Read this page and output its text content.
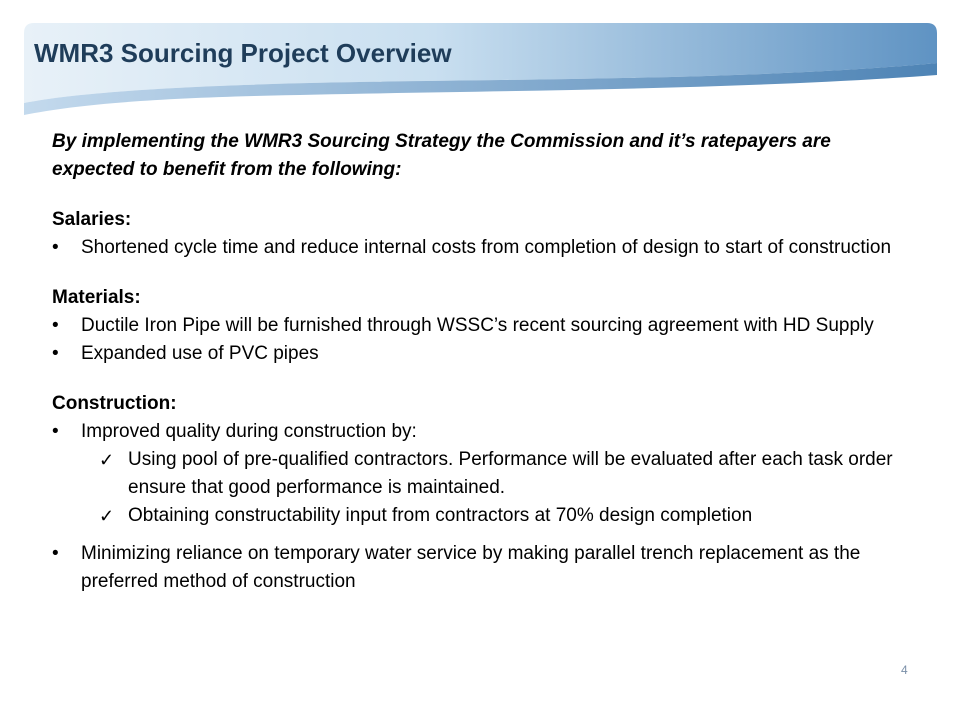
WMR3 Sourcing Project Overview

By implementing the WMR3 Sourcing Strategy the Commission and it’s ratepayers are expected to benefit from the following:

Salaries:

• Shortened cycle time and reduce internal costs from completion of design to start of construction

Materials:

• Ductile Iron Pipe will be furnished through WSSC’s recent sourcing agreement with HD Supply
• Expanded use of PVC pipes

Construction:

• Improved quality during construction by:
✓ Using pool of pre-qualified contractors. Performance will be evaluated after each task order ensure that good performance is maintained.
✓ Obtaining constructability input from contractors at 70% design completion
• Minimizing reliance on temporary water service by making parallel trench replacement as the preferred method of construction
4
